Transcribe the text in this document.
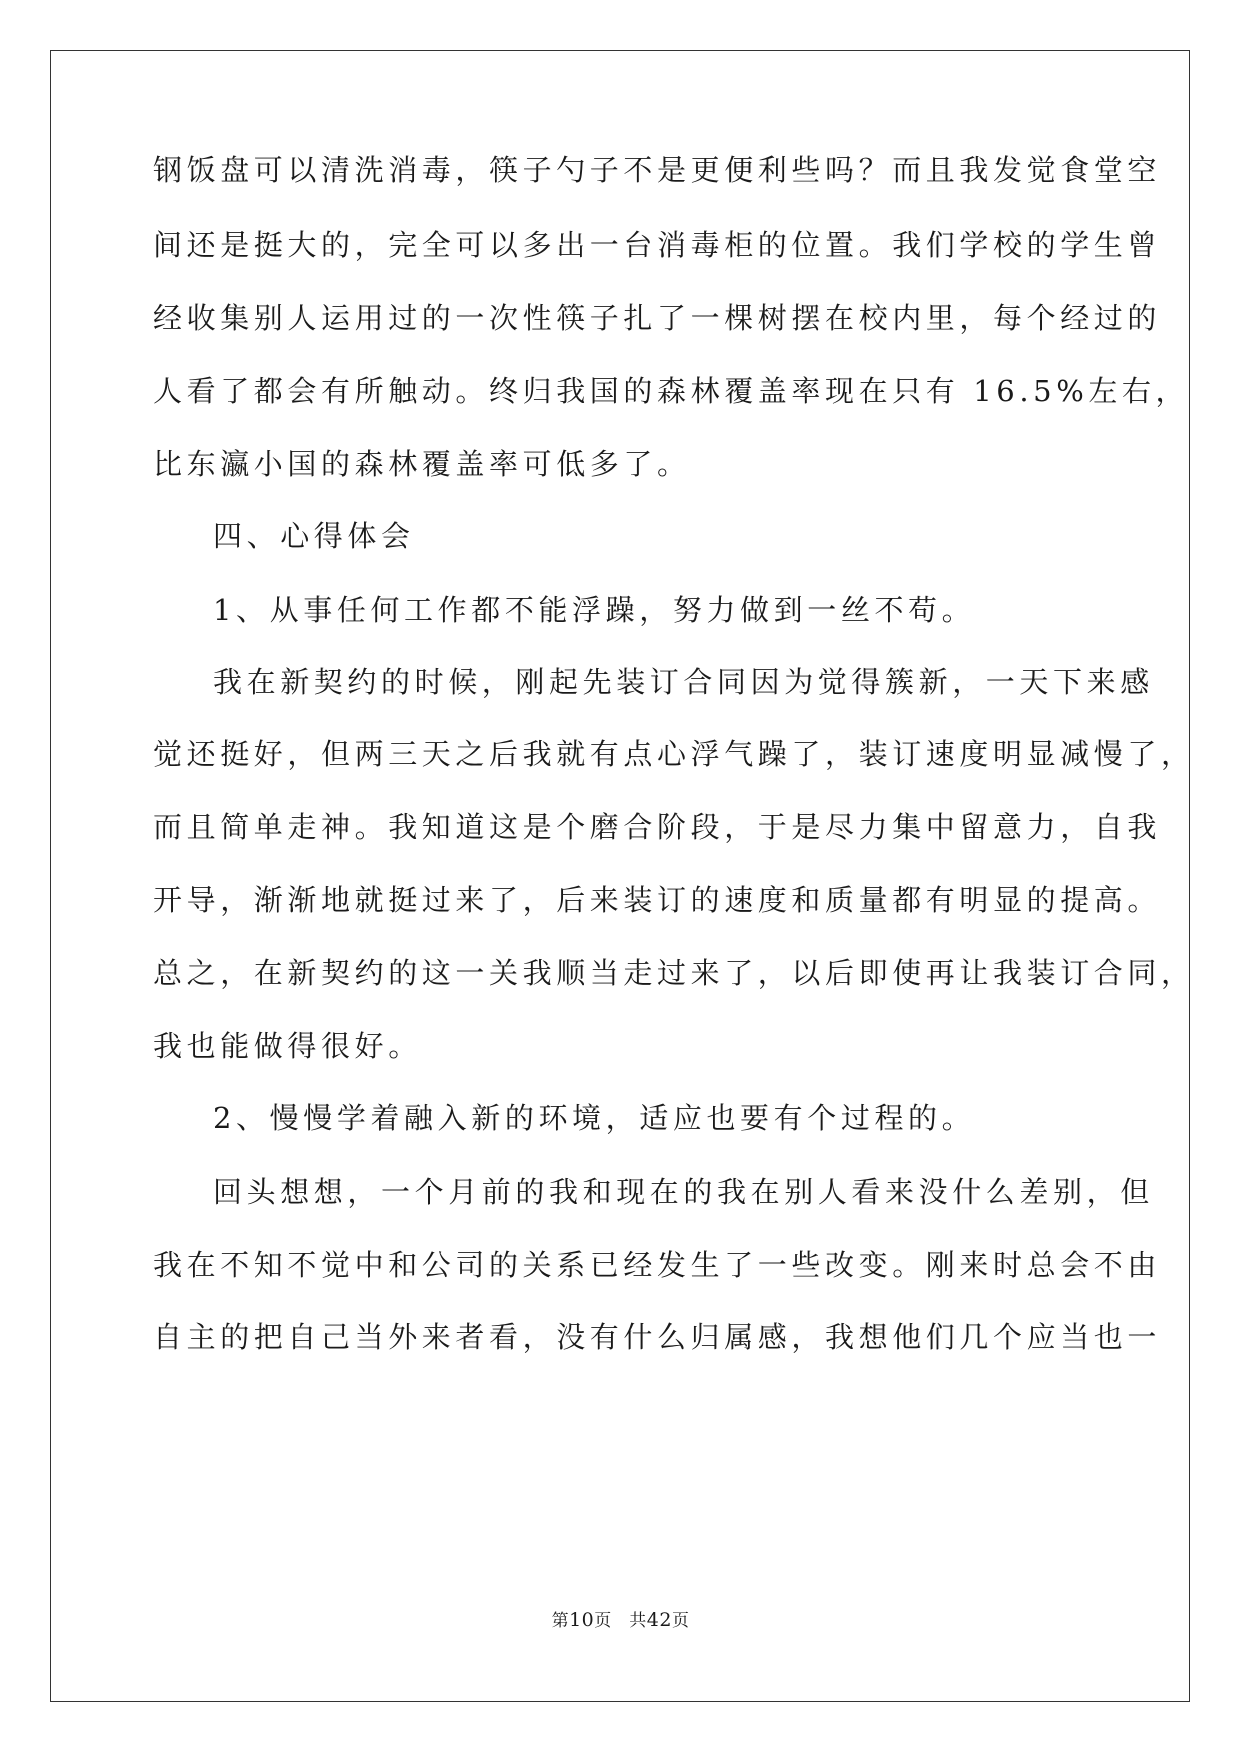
钢饭盘可以清洗消毒，筷子勺子不是更便利些吗？而且我发觉食堂空
间还是挺大的，完全可以多出一台消毒柜的位置。我们学校的学生曾
经收集别人运用过的一次性筷子扎了一棵树摆在校内里，每个经过的
人看了都会有所触动。终归我国的森林覆盖率现在只有 16.5%左右，
比东瀛小国的森林覆盖率可低多了。
四、心得体会
1、从事任何工作都不能浮躁，努力做到一丝不苟。
我在新契约的时候，刚起先装订合同因为觉得簇新，一天下来感
觉还挺好，但两三天之后我就有点心浮气躁了，装订速度明显减慢了，
而且简单走神。我知道这是个磨合阶段，于是尽力集中留意力，自我
开导，渐渐地就挺过来了，后来装订的速度和质量都有明显的提高。
总之，在新契约的这一关我顺当走过来了，以后即使再让我装订合同，
我也能做得很好。
2、慢慢学着融入新的环境，适应也要有个过程的。
回头想想，一个月前的我和现在的我在别人看来没什么差别，但
我在不知不觉中和公司的关系已经发生了一些改变。刚来时总会不由
自主的把自己当外来者看，没有什么归属感，我想他们几个应当也一
第10页　共42页
